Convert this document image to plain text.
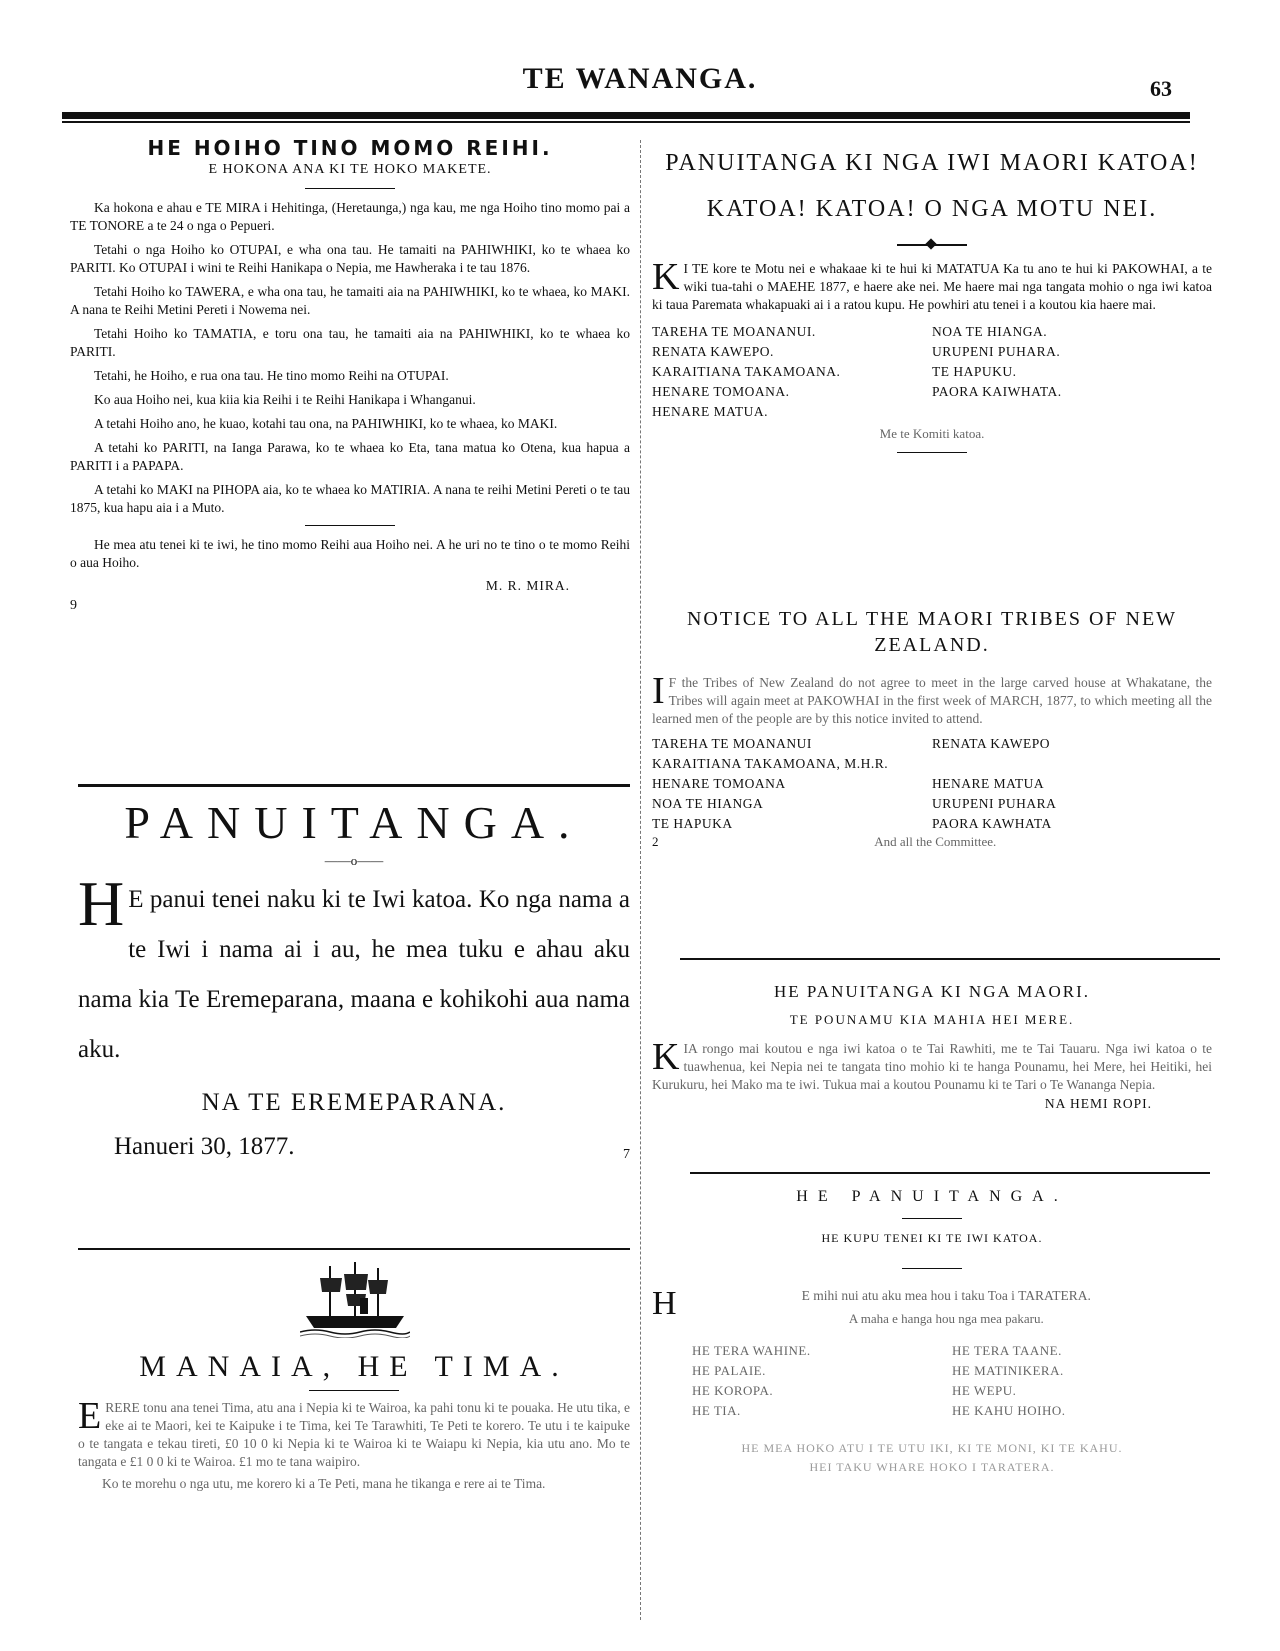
TE WANANGA.	63
HE HOIHO TINO MOMO REIHI.
E HOKONA ANA KI TE HOKO MAKETE.

Ka hokona e ahau e TE MIRA i Hehitinga, (Heretaunga,) nga kau, me nga Hoiho tino momo pai a TE TONORE a te 24 o nga o Pepueri.

Tetahi o nga Hoiho ko OTUPAI, e wha ona tau. He tamaiti na PAHIWHIKI, ko te whaea ko PARITI. Ko OTUPAI i wini te Reihi Hanikapa o Nepia, me Hawheraka i te tau 1876.

Tetahi Hoiho ko TAWERA, e wha ona tau, he tamaiti aia na PAHIWHIKI, ko te whaea, ko MAKI. A nana te Reihi Metini Pereti i Nowema nei.

Tetahi Hoiho ko TAMATIA, e toru ona tau, he tamaiti aia na PAHIWHIKI, ko te whaea ko PARITI.

Tetahi, he Hoiho, e rua ona tau. He tino momo Reihi na OTUPAI.

Ko aua Hoiho nei, kua kiia kia Reihi i te Reihi Hanikapa i Whanganui.

A tetahi Hoiho ano, he kuao, kotahi tau ona, na PAHIWHIKI, ko te whaea, ko MAKI.

A tetahi ko PARITI, na Ianga Parawa, ko te whaea ko Eta, tana matua ko Otena, kua hapua a PARITI i a PAPAPA.

A tetahi ko MAKI na PIHOPA aia, ko te whaea ko MATIRIA. A nana te reihi Metini Pereti o te tau 1875, kua hapu aia i a Muto.

He mea atu tenei ki te iwi, he tino momo Reihi aua Hoiho nei. A he uri no te tino o te momo Reihi o aua Hoiho.

M. R. MIRA.
9
PANUITANGA.
——o——
H E panui tenei naku ki te Iwi katoa. Ko nga nama a te Iwi i nama ai i au, he mea tuku e ahau aku nama kia Te Eremeparana, maana e kohikohi aua nama aku.
NA TE EREMEPARANA.
Hanueri 30, 1877.	7
MANAIA, HE TIMA.
ERERE tonu ana tenei Tima, atu ana i Nepia ki te Wairoa, ka pahi tonu ki te pouaka. He utu tika, e eke ai te Maori, kei te Kaipuke i te Tima, kei Te Tarawhiti, Te Peti te korero. Te utu i te kaipuke o te tangata e tekau tireti, £0 10 0 ki Nepia ki te Wairoa ki te Waiapu ki Nepia, kia utu ano. Mo te tangata e £1 0 0 ki te Wairoa. £1 mo te tana waipiro.
Ko te morehu o nga utu, me korero ki a Te Peti, mana he tikanga e rere ai te Tima.
PANUITANGA KI NGA IWI MAORI KATOA! KATOA! KATOA! O NGA MOTU NEI.
K I TE kore te Motu nei e whakaae ki te hui ki MATATUA Ka tu ano te hui ki PAKOWHAI, a te wiki tua-tahi o MAEHE 1877, e haere ake nei. Me haere mai nga tangata mohio o nga iwi katoa ki taua Paremata whakapuaki ai i a ratou kupu. He powhiri atu tenei i a koutou kia haere mai.
TAREHA TE MOANANUI.	NOA TE HIANGA.
RENATA KAWEPO.	URUPENI PUHARA.
KARAITIANA TAKAMOANA.	TE HAPUKU.
HENARE TOMOANA.	PAORA KAIWHATA.
HENARE MATUA.
Me te Komiti katoa.
NOTICE TO ALL THE MAORI TRIBES OF NEW ZEALAND.
I F the Tribes of New Zealand do not agree to meet in the large carved house at Whakatane, the Tribes will again meet at PAKOWHAI in the first week of MARCH, 1877, to which meeting all the learned men of the people are by this notice invited to attend.
TAREHA TE MOANANUI	RENATA KAWEPO
KARAITIANA TAKAMOANA, M.H.R.
HENARE TOMOANA	HENARE MATUA
NOA TE HIANGA	URUPENI PUHARA
TE HAPUKA	PAORA KAWHATA
2	And all the Committee.
HE PANUITANGA KI NGA MAORI.
TE POUNAMU KIA MAHIA HEI MERE.
KIA rongo mai koutou e nga iwi katoa o te Tai Rawhiti, me te Tai Tauaru. Nga iwi katoa o te tuawhenua, kei Nepia nei te tangata tino mohio ki te hanga Pounamu, hei Mere, hei Heitiki, hei Kurukuru, hei Mako ma te iwi. Tukua mai a koutou Pounamu ki te Tari o Te Wananga Nepia.
NA HEMI ROPI.
HE PANUITANGA.
HE KUPU TENEI KI TE IWI KATOA.
H	E mihi nui atu aku mea hou i taku Toa i TARATERA.
A maha e hanga hou nga mea pakaru.
HE TERA WAHINE.	HE TERA TAANE.
HE PALAIE.	HE MATINIKERA.
HE KOROPA.	HE WEPU.
HE TIA.	HE KAHU HOIHO.
HE MEA HOKO ATU I TE UTU IKI, KI TE MONI, KI TE KAHU.
HEI TAKU WHARE HOKO I TARATERA.
